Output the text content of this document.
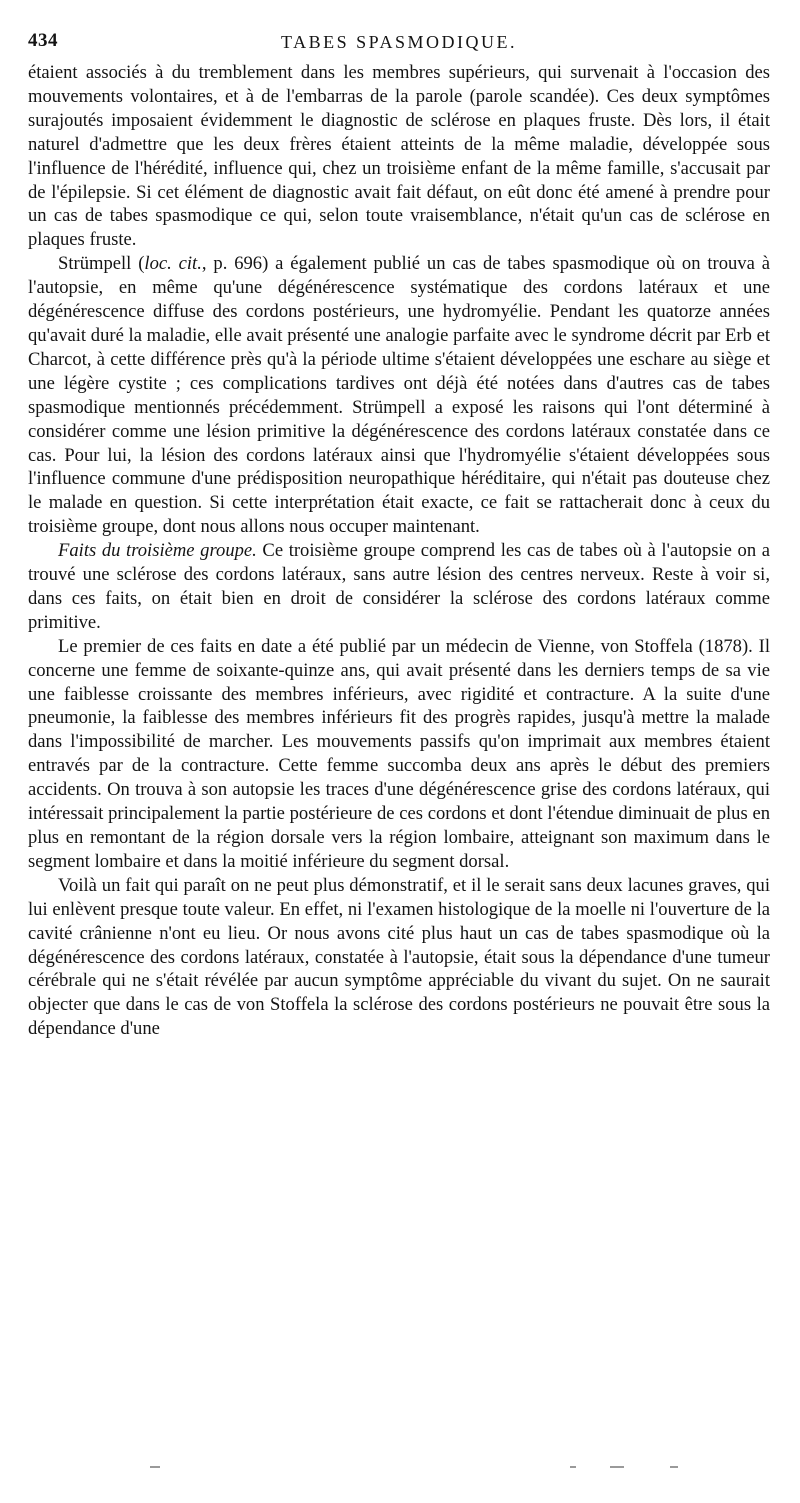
434	TABES SPASMODIQUE.

étaient associés à du tremblement dans les membres supérieurs, qui survenait à l'occasion des mouvements volontaires, et à de l'embarras de la parole (parole scandée). Ces deux symptômes surajoutés imposaient évidemment le diagnostic de sclérose en plaques fruste. Dès lors, il était naturel d'admettre que les deux frères étaient atteints de la même maladie, développée sous l'influence de l'hérédité, influence qui, chez un troisième enfant de la même famille, s'accusait par de l'épilepsie. Si cet élément de diagnostic avait fait défaut, on eût donc été amené à prendre pour un cas de tabes spasmodique ce qui, selon toute vraisemblance, n'était qu'un cas de sclérose en plaques fruste.

Strümpell (loc. cit., p. 696) a également publié un cas de tabes spasmodique où on trouva à l'autopsie, en même qu'une dégénérescence systématique des cordons latéraux et une dégénérescence diffuse des cordons postérieurs, une hydromyélie. Pendant les quatorze années qu'avait duré la maladie, elle avait présenté une analogie parfaite avec le syndrome décrit par Erb et Charcot, à cette différence près qu'à la période ultime s'étaient développées une eschare au siège et une légère cystite ; ces complications tardives ont déjà été notées dans d'autres cas de tabes spasmodique mentionnés précédemment. Strümpell a exposé les raisons qui l'ont déterminé à considérer comme une lésion primitive la dégénérescence des cordons latéraux constatée dans ce cas. Pour lui, la lésion des cordons latéraux ainsi que l'hydromyélie s'étaient développées sous l'influence commune d'une prédisposition neuropathique héréditaire, qui n'était pas douteuse chez le malade en question. Si cette interprétation était exacte, ce fait se rattacherait donc à ceux du troisième groupe, dont nous allons nous occuper maintenant.

Faits du troisième groupe. Ce troisième groupe comprend les cas de tabes où à l'autopsie on a trouvé une sclérose des cordons latéraux, sans autre lésion des centres nerveux. Reste à voir si, dans ces faits, on était bien en droit de considérer la sclérose des cordons latéraux comme primitive.

Le premier de ces faits en date a été publié par un médecin de Vienne, von Stoffela (1878). Il concerne une femme de soixante-quinze ans, qui avait présenté dans les derniers temps de sa vie une faiblesse croissante des membres inférieurs, avec rigidité et contracture. A la suite d'une pneumonie, la faiblesse des membres inférieurs fit des progrès rapides, jusqu'à mettre la malade dans l'impossibilité de marcher. Les mouvements passifs qu'on imprimait aux membres étaient entravés par de la contracture. Cette femme succomba deux ans après le début des premiers accidents. On trouva à son autopsie les traces d'une dégénérescence grise des cordons latéraux, qui intéressait principalement la partie postérieure de ces cordons et dont l'étendue diminuait de plus en plus en remontant de la région dorsale vers la région lombaire, atteignant son maximum dans le segment lombaire et dans la moitié inférieure du segment dorsal.

Voilà un fait qui paraît on ne peut plus démonstratif, et il le serait sans deux lacunes graves, qui lui enlèvent presque toute valeur. En effet, ni l'examen histologique de la moelle ni l'ouverture de la cavité crânienne n'ont eu lieu. Or nous avons cité plus haut un cas de tabes spasmodique où la dégénérescence des cordons latéraux, constatée à l'autopsie, était sous la dépendance d'une tumeur cérébrale qui ne s'était révélée par aucun symptôme appréciable du vivant du sujet. On ne saurait objecter que dans le cas de von Stoffela la sclérose des cordons postérieurs ne pouvait être sous la dépendance d'une
